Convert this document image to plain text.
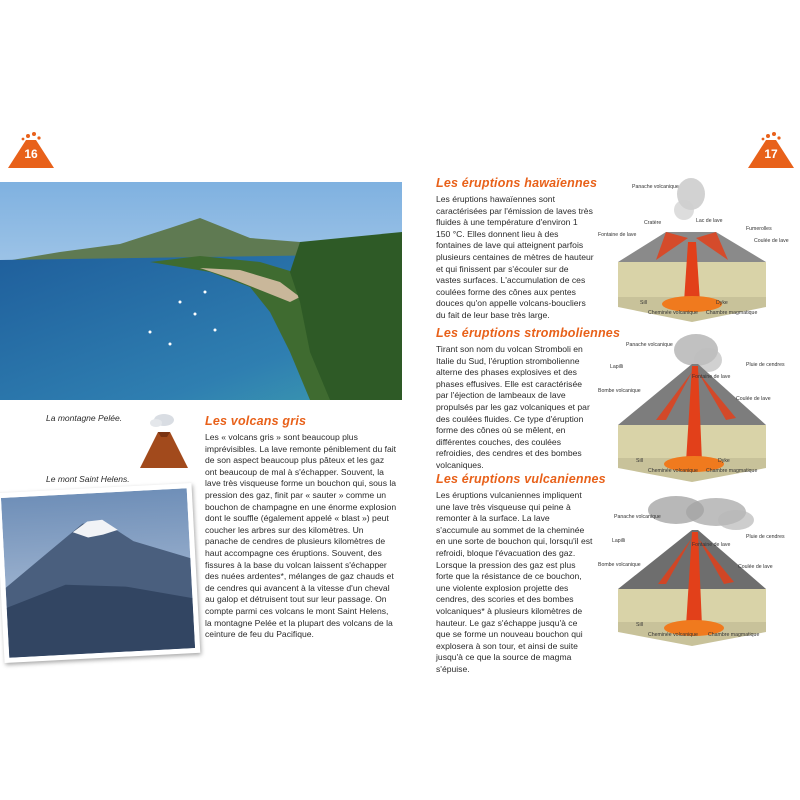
16	17
La montagne Pelée.
Le mont Saint Helens.
Les volcans gris
Les « volcans gris » sont beaucoup plus imprévisibles. La lave remonte péniblement du fait de son aspect beaucoup plus pâteux et les gaz ont beaucoup de mal à s'échapper. Souvent, la lave très visqueuse forme un bouchon qui, sous la pression des gaz, finit par « sauter » comme un bouchon de champagne en une énorme explosion dont le souffle (également appelé « blast ») peut coucher les arbres sur des kilomètres. Un panache de cendres de plusieurs kilomètres de haut accompagne ces éruptions. Souvent, des fissures à la base du volcan laissent s'échapper des nuées ardentes*, mélanges de gaz chauds et de cendres qui avancent à la vitesse d'un cheval au galop et détruisent tout sur leur passage. On compte parmi ces volcans le mont Saint Helens, la montagne Pelée et la plupart des volcans de la ceinture de feu du Pacifique.
Les éruptions hawaïennes
Les éruptions hawaïennes sont caractérisées par l'émission de laves très fluides à une température d'environ 1 150 °C. Elles donnent lieu à des fontaines de lave qui atteignent parfois plusieurs centaines de mètres de hauteur et qui finissent par s'écouler sur de vastes surfaces. L'accumulation de ces coulées forme des cônes aux pentes douces qu'on appelle volcans-boucliers du fait de leur base très large.
Les éruptions stromboliennes
Tirant son nom du volcan Stromboli en Italie du Sud, l'éruption strombolienne alterne des phases explosives et des phases effusives. Elle est caractérisée par l'éjection de lambeaux de lave propulsés par les gaz volcaniques et par des coulées fluides. Ce type d'éruption forme des cônes où se mêlent, en différentes couches, des coulées refroidies, des cendres et des bombes volcaniques.
Les éruptions vulcaniennes
Les éruptions vulcaniennes impliquent une lave très visqueuse qui peine à remonter à la surface. La lave s'accumule au sommet de la cheminée en une sorte de bouchon qui, lorsqu'il est refroidi, bloque l'évacuation des gaz. Lorsque la pression des gaz est plus forte que la résistance de ce bouchon, une violente explosion projette des cendres, des scories et des bombes volcaniques* à plusieurs kilomètres de hauteur. Le gaz s'échappe jusqu'à ce que se forme un nouveau bouchon qui explosera à son tour, et ainsi de suite jusqu'à ce que la source de magma s'épuise.
Panache volcanique
Cratère	Lac de lave
Fumerolles
Fontaine de lave
Coulée de lave
Sill	Dyke
Cheminée volcanique Chambre magmatique
Panache volcanique
Lapilli	Pluie de cendres
Fontaine de lave
Bombe volcanique
Coulée de lave
Sill	Dyke
Cheminée volcanique Chambre magmatique
Panache volcanique
Pluie de cendres
Lapilli
Fontaine de lave
Bombe volcanique	Coulée de lave
Sill
Cheminée volcanique Chambre magmatique
